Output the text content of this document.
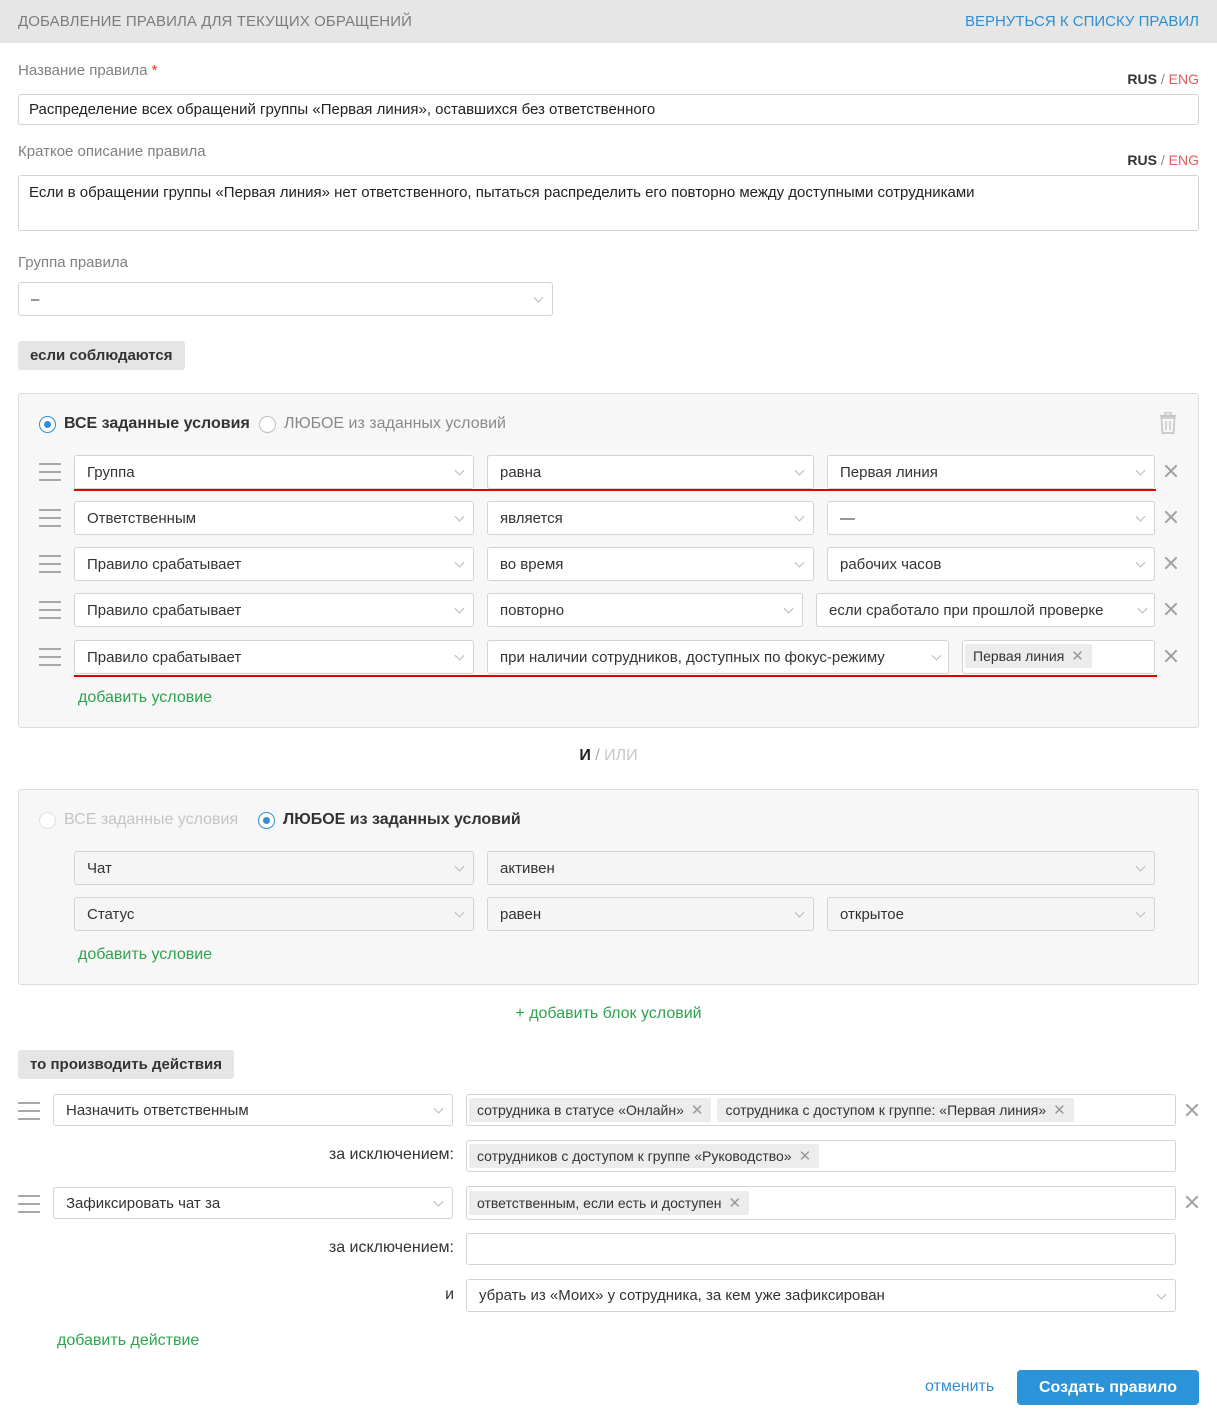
ДОБАВЛЕНИЕ ПРАВИЛА ДЛЯ ТЕКУЩИХ ОБРАЩЕНИЙ	ВЕРНУТЬСЯ К СПИСКУ ПРАВИЛ
Название правила *	RUS / ENG
Распределение всех обращений группы «Первая линия», оставшихся без ответственного
Краткое описание правила	RUS / ENG
Если в обращении группы «Первая линия» нет ответственного, пытаться распределить его повторно между доступными сотрудниками
Группа правила
–
если соблюдаются
ВСЕ заданные условия ЛЮБОЕ из заданных условий
Группа	равна	Первая линия
Ответственным	является	—
Правило срабатывает	во время	рабочих часов
Правило срабатывает	повторно	если сработало при прошлой проверке
Правило срабатывает	при наличии сотрудников, доступных по фокус-режиму	Первая линия ✕
добавить условие
И / ИЛИ
ВСЕ заданные условия	ЛЮБОЕ из заданных условий
Чат	активен
Статус	равен	открытое
добавить условие
+ добавить блок условий
то производить действия
Назначить ответственным	сотрудника в статусе «Онлайн» ✕ сотрудника с доступом к группе: «Первая линия» ✕
за исключением: сотрудников с доступом к группе «Руководство» ✕
Зафиксировать чат за	ответственным, если есть и доступен ✕
за исключением:
и убрать из «Моих» у сотрудника, за кем уже зафиксирован
добавить действие
отменить	Создать правило
